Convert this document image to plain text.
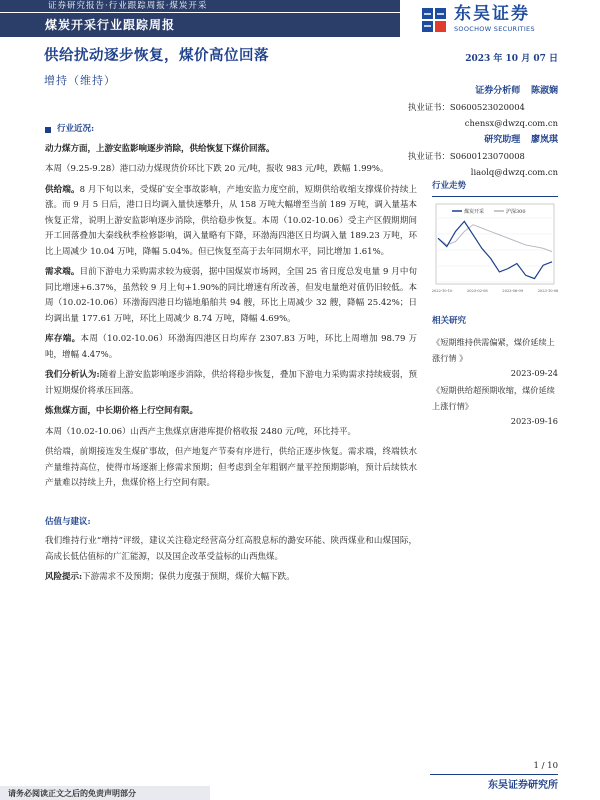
证券研究报告·行业跟踪周报·煤炭开采
煤炭开采行业跟踪周报
东吴证券
SOOCHOW SECURITIES
供给扰动逐步恢复，煤价高位回落	2023 年 10 月 07 日
增持（维持）
证券分析师 陈淑娴
执业证书：S0600523020004
chensx@dwzq.com.cn
研究助理 廖岚琪
执业证书：S0600123070008
liaolq@dwzq.com.cn
行业近况:
动力煤方面，上游安监影响逐步消除，供给恢复下煤价回落。
本周（9.25-9.28）港口动力煤现货价环比下跌 20 元/吨，报收 983 元/吨，跌幅 1.99%。
供给端。8 月下旬以来，受煤矿安全事故影响，产地安监力度空前，短期供给收缩支撑煤价持续上涨。而 9 月 5 日后，港口日均调入量快速攀升，从 158 万吨大幅增至当前 189 万吨，调入量基本恢复正常，说明上游安监影响逐步消除，供给稳步恢复。本周（10.02-10.06）受主产区假期期间开工回落叠加大秦线秋季检修影响，调入量略有下降，环渤海四港区日均调入量 189.23 万吨，环比上周减少 10.04 万吨，降幅 5.04%。但已恢复至高于去年同期水平，同比增加 1.61%。
需求端。目前下游电力采购需求较为疲弱，据中国煤炭市场网，全国 25 省日度总发电量 9 月中旬同比增速+6.37%，虽然较 9 月上旬+1.90%的同比增速有所改善，但发电量绝对值仍旧较低。本周（10.02-10.06）环渤海四港日均锚地船舶共 94 艘，环比上周减少 32 艘，降幅 25.42%；日均调出量 177.61 万吨，环比上周减少 8.74 万吨，降幅 4.69%。
库存端。本周（10.02-10.06）环渤海四港区日均库存 2307.83 万吨，环比上周增加 98.79 万吨，增幅 4.47%。
我们分析认为:随着上游安监影响逐步消除，供给将稳步恢复，叠加下游电力采购需求持续疲弱，预计短期煤价将承压回落。
炼焦煤方面，中长期价格上行空间有限。
本周（10.02-10.06）山西产主焦煤京唐港库提价格收报 2480 元/吨，环比持平。
供给端，前期接连发生煤矿事故，但产地复产节奏有序进行，供给正逐步恢复。需求端，终端铁水产量维持高位，使得市场逐渐上修需求预期；但考虑到全年粗钢产量平控预期影响，预计后续铁水产量难以持续上升，焦煤价格上行空间有限。
估值与建议:
我们维持行业“增持”评级，建议关注稳定经营高分红高股息标的潞安环能、陕西煤业和山煤国际，高成长低估值标的广汇能源，以及国企改革受益标的山西焦煤。
风险提示:下游需求不及预期；保供力度强于预期，煤价大幅下跌。
行业走势
煤炭开采	沪深300
2022-10-10	2023-02-08	2023-06-09	2023-10-08
相关研究
《短期维持供需偏紧，煤价延续上涨行情 》
2023-09-24
《短期供给超预期收缩，煤价延续上涨行情》
2023-09-16
1 / 10
东吴证券研究所
请务必阅读正文之后的免责声明部分
